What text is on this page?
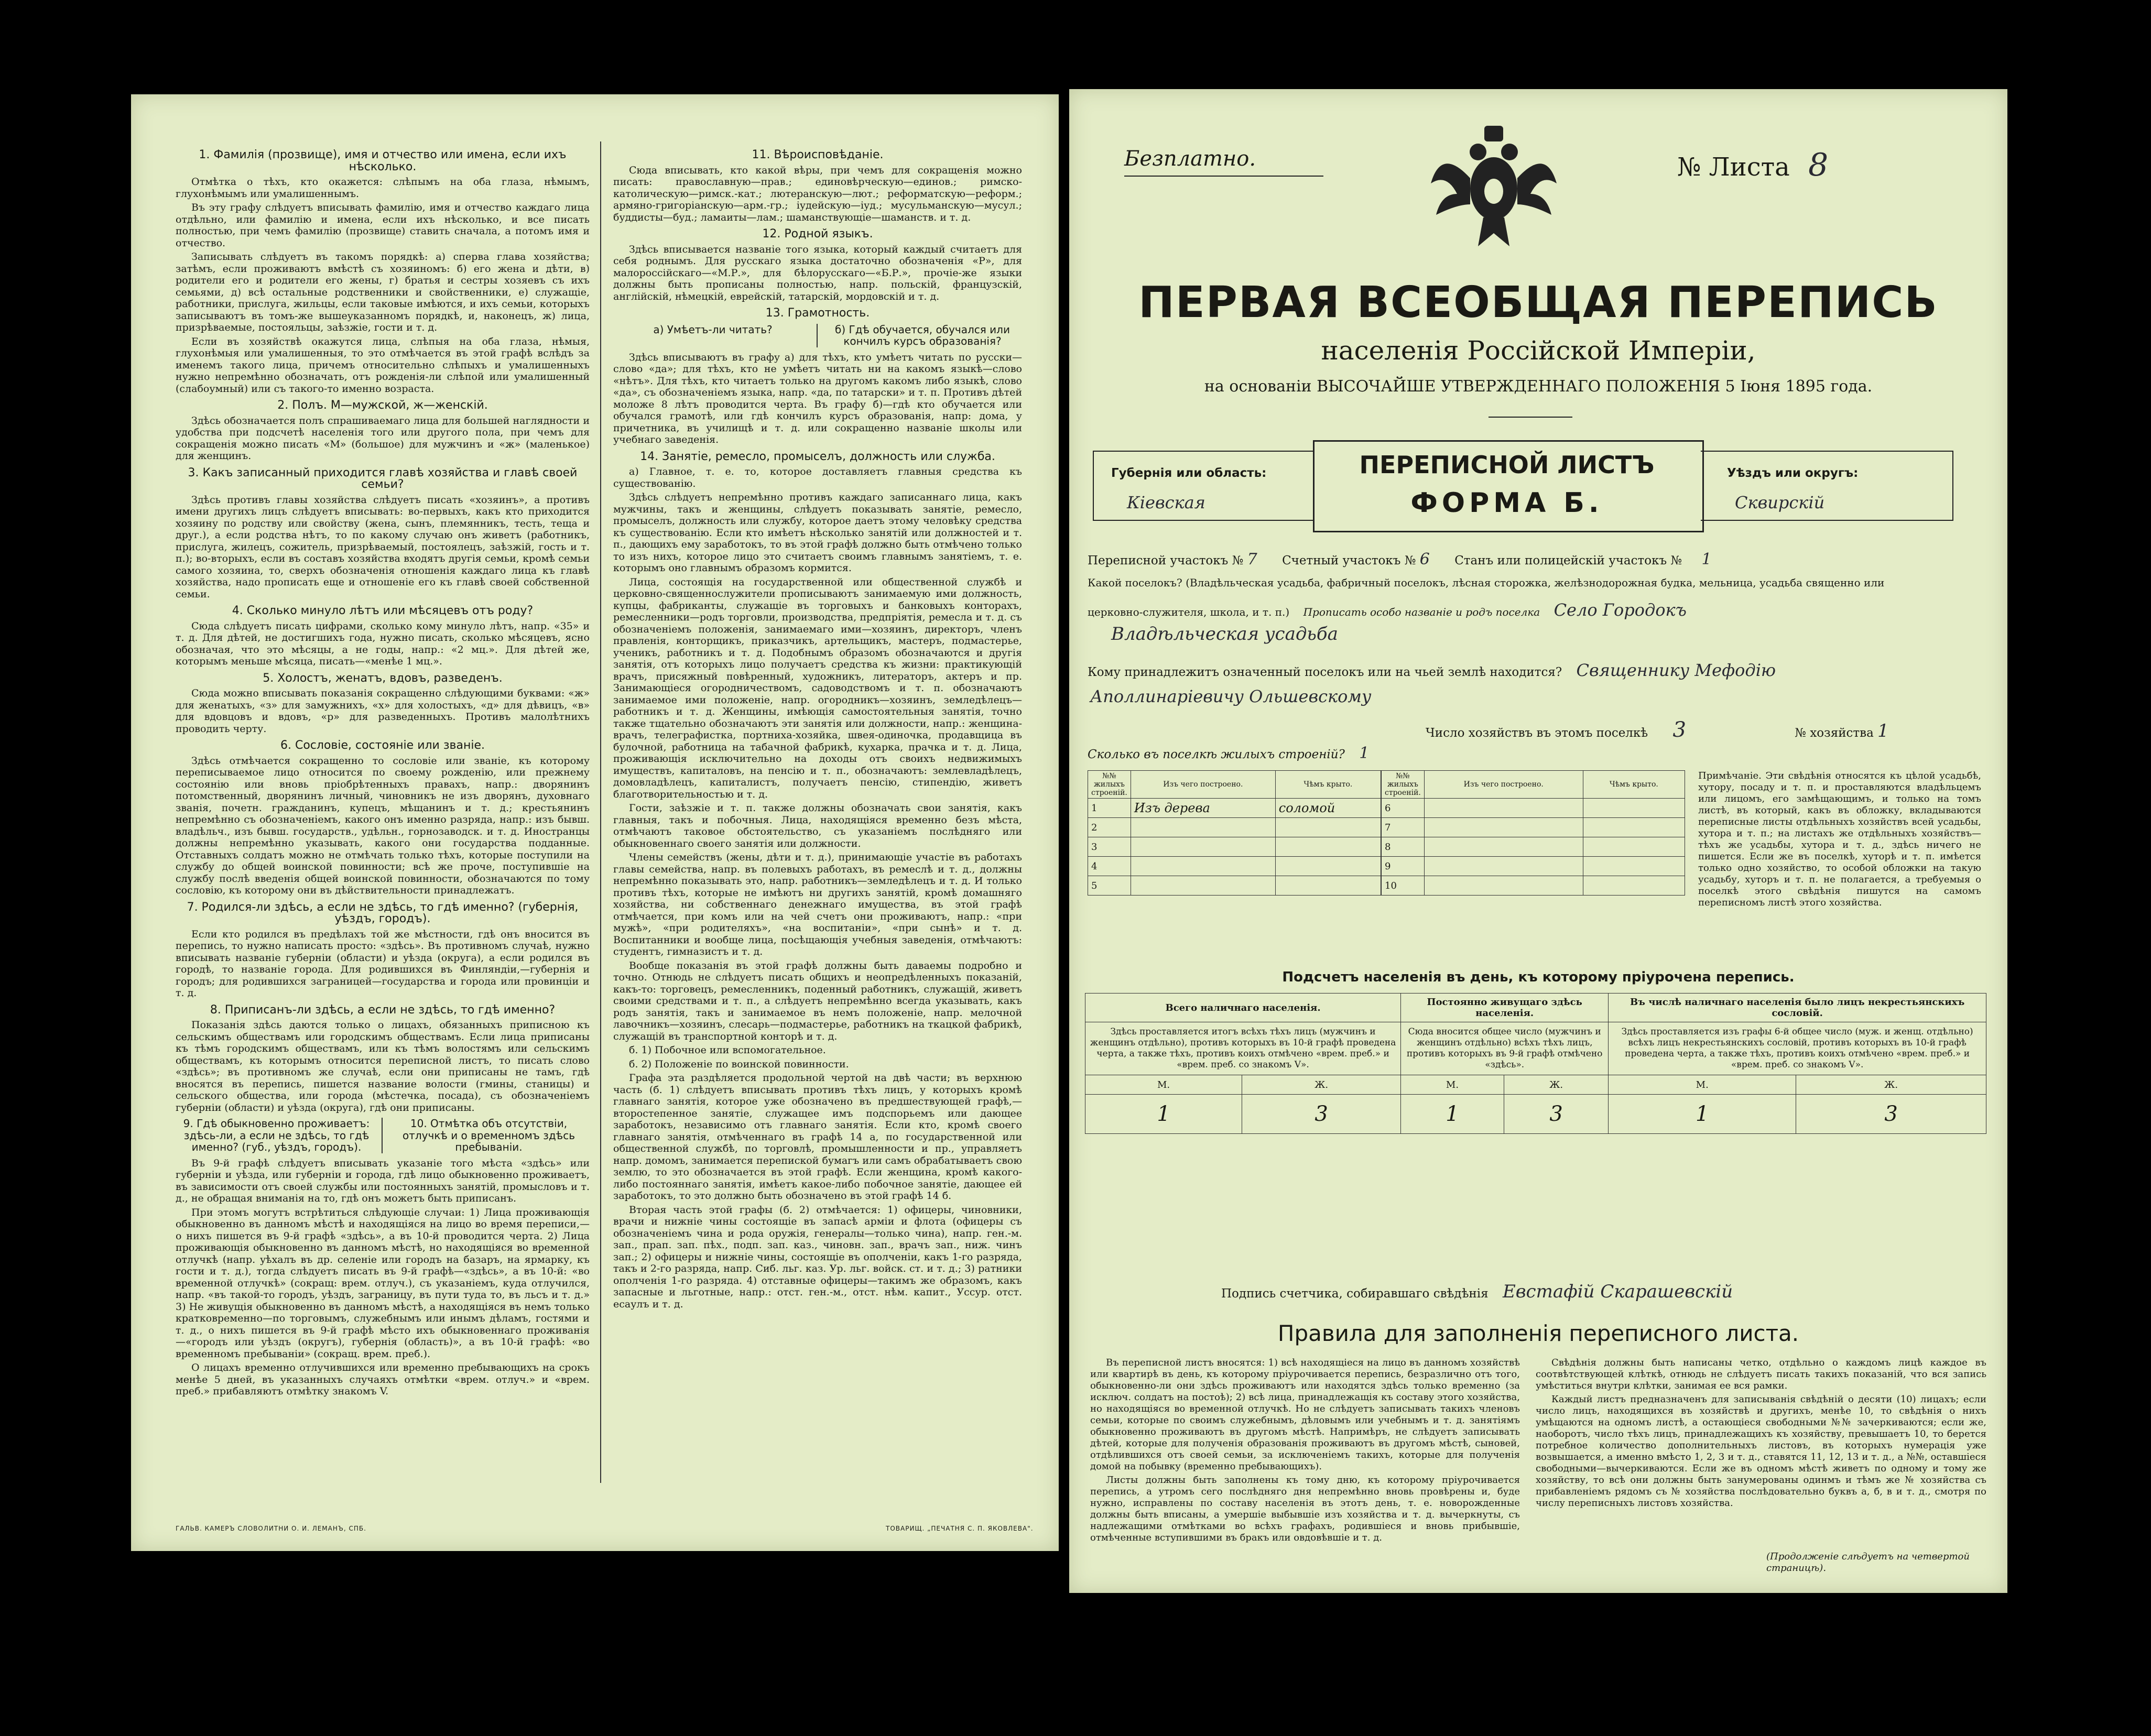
1. Фамилія (прозвище), имя и отчество или имена, если ихъ нѣсколько.

Отмѣтка о тѣхъ, кто окажется: слѣпымъ на оба глаза, нѣмымъ, глухонѣмымъ или умалишеннымъ.

Въ эту графу слѣдуетъ вписывать фамилію, имя и отчество каждаго лица отдѣльно, или фамилію и имена, если ихъ нѣсколько, и все писать полностью, при чемъ фамилію (прозвище) ставить сначала, а потомъ имя и отчество.

Записывать слѣдуетъ въ такомъ порядкѣ: а) сперва глава хозяйства; затѣмъ, если проживаютъ вмѣстѣ съ хозяиномъ: б) его жена и дѣти, в) родители его и родители его жены, г) братья и сестры хозяевъ съ ихъ семьями, д) всѣ остальные родственники и свойственники, е) служащіе, работники, прислуга, жильцы, если таковые имѣются, и ихъ семьи, которыхъ записываютъ въ томъ-же вышеуказанномъ порядкѣ, и, наконецъ, ж) лица, призрѣваемые, постояльцы, заѣзжіе, гости и т. д.

Если въ хозяйствѣ окажутся лица, слѣпыя на оба глаза, нѣмыя, глухонѣмыя или умалишенныя, то это отмѣчается въ этой графѣ вслѣдъ за именемъ такого лица, причемъ относительно слѣпыхъ и умалишенныхъ нужно непремѣнно обозначать, отъ рожденія-ли слѣпой или умалишенный (слабоумный) или съ такого-то именно возраста.

2. Полъ. М—мужской, ж—женскій.

Здѣсь обозначается полъ спрашиваемаго лица для большей наглядности и удобства при подсчетѣ населенія того или другого пола, при чемъ для сокращенія можно писать «М» (большое) для мужчинъ и «ж» (маленькое) для женщинъ.

3. Какъ записанный приходится главѣ хозяйства и главѣ своей семьи?

Здѣсь противъ главы хозяйства слѣдуетъ писать «хозяинъ», а противъ имени другихъ лицъ слѣдуетъ вписывать: во-первыхъ, какъ кто приходится хозяину по родству или свойству (жена, сынъ, племянникъ, тесть, теща и друг.), а если родства нѣтъ, то по какому случаю онъ живетъ (работникъ, прислуга, жилецъ, сожитель, призрѣваемый, постоялецъ, заѣзжій, гость и т. п.); во-вторыхъ, если въ составъ хозяйства входятъ другія семьи, кромѣ семьи самого хозяина, то, сверхъ обозначенія отношенія каждаго лица къ главѣ хозяйства, надо прописать еще и отношеніе его къ главѣ своей собственной семьи.

4. Сколько минуло лѣтъ или мѣсяцевъ отъ роду?

Сюда слѣдуетъ писать цифрами, сколько кому минуло лѣтъ, напр. «35» и т. д. Для дѣтей, не достигшихъ года, нужно писать, сколько мѣсяцевъ, ясно обозначая, что это мѣсяцы, а не годы, напр.: «2 мц.». Для дѣтей же, которымъ меньше мѣсяца, писать—«менѣе 1 мц.».

5. Холостъ, женатъ, вдовъ, разведенъ.

Сюда можно вписывать показанія сокращенно слѣдующими буквами: «ж» для женатыхъ, «з» для замужнихъ, «х» для холостыхъ, «д» для дѣвицъ, «в» для вдовцовъ и вдовъ, «р» для разведенныхъ. Противъ малолѣтнихъ проводить черту.

6. Сословіе, состояніе или званіе.

Здѣсь отмѣчается сокращенно то сословіе или званіе, къ которому переписываемое лицо относится по своему рожденію, или прежнему состоянію или вновь пріобрѣтенныхъ правахъ, напр.: дворянинъ потомственный, дворянинъ личный, чиновникъ не изъ дворянъ, духовнаго званія, почетн. гражданинъ, купецъ, мѣщанинъ и т. д.; крестьянинъ непремѣнно съ обозначеніемъ, какого онъ именно разряда, напр.: изъ бывш. владѣльч., изъ бывш. государств., удѣльн., горнозаводск. и т. д. Иностранцы должны непремѣнно указывать, какого они государства подданные. Отставныхъ солдатъ можно не отмѣчать только тѣхъ, которые поступили на службу до общей воинской повинности; всѣ же проче, поступившіе на службу послѣ введенія общей воинской повинности, обозначаются по тому сословію, къ которому они въ дѣйствительности принадлежатъ.

7. Родился-ли здѣсь, а если не здѣсь, то гдѣ именно? (губернія, уѣздъ, городъ).

Если кто родился въ предѣлахъ той же мѣстности, гдѣ онъ вносится въ перепись, то нужно написать просто: «здѣсь». Въ противномъ случаѣ, нужно вписывать названіе губерніи (области) и уѣзда (округа), а если родился въ городѣ, то названіе города. Для родившихся въ Финляндіи,—губернія и городъ; для родившихся заграницей—государства и города или провинціи и т. д.

8. Приписанъ-ли здѣсь, а если не здѣсь, то гдѣ именно?

Показанія здѣсь даются только о лицахъ, обязанныхъ приписною къ сельскимъ обществамъ или городскимъ обществамъ. Если лица приписаны къ тѣмъ городскимъ обществамъ, или къ тѣмъ волостямъ или сельскимъ обществамъ, къ которымъ относится переписной листъ, то писать слово «здѣсь»; въ противномъ же случаѣ, если они приписаны не тамъ, гдѣ вносятся въ перепись, пишется название волости (гмины, станицы) и сельского общества, или города (мѣстечка, посада), съ обозначеніемъ губерніи (области) и уѣзда (округа), гдѣ они приписаны.

9. Гдѣ обыкновенно проживаетъ: здѣсь-ли, а если не здѣсь, то гдѣ именно? (губ., уѣздъ, городъ).
10. Отмѣтка объ отсутствіи, отлучкѣ и о временномъ здѣсь пребываніи.

Въ 9-й графѣ слѣдуетъ вписывать указаніе того мѣста «здѣсь» или губерніи и уѣзда, или губерніи и города, гдѣ лицо обыкновенно проживаетъ, въ зависимости отъ своей службы или постоянныхъ занятій, промысловъ и т. д., не обращая вниманія на то, гдѣ онъ можетъ быть приписанъ.

При этомъ могутъ встрѣтиться слѣдующіе случаи: 1) Лица проживающія обыкновенно въ данномъ мѣстѣ и находящіяся на лицо во время переписи,—о нихъ пишется въ 9-й графѣ «здѣсь», а въ 10-й проводится черта. 2) Лица проживающія обыкновенно въ данномъ мѣстѣ, но находящіяся во временной отлучкѣ (напр. уѣхалъ въ др. селеніе или городъ на базаръ, на ярмарку, къ гости и т. д.), тогда слѣдуетъ писать въ 9-й графѣ—«здѣсь», а въ 10-й: «во временной отлучкѣ» (сокращ: врем. отлуч.), съ указаніемъ, куда отлучился, напр. «въ такой-то городъ, уѣздъ, заграницу, въ пути туда то, въ льсъ и т. д.» 3) Не живущія обыкновенно въ данномъ мѣстѣ, а находящіяся въ немъ только кратковременно—по торговымъ, служебнымъ или инымъ дѣламъ, гостями и т. д., о нихъ пишется въ 9-й графѣ мѣсто ихъ обыкновеннаго проживанія—«городъ или уѣздъ (округъ), губернія (область)», а въ 10-й графѣ: «во временномъ пребываніи» (сокращ. врем. преб.).

О лицахъ временно отлучившихся или временно пребывающихъ на срокъ менѣе 5 дней, въ указанныхъ случаяхъ отмѣтки «врем. отлуч.» и «врем. преб.» прибавляютъ отмѣтку знакомъ V.

11. Вѣроисповѣданіе.

Сюда вписывать, кто какой вѣры, при чемъ для сокращенія можно писать: православную—прав.; единовѣрческую—единов.; римско-католическую—римск.-кат.; лютеранскую—лют.; реформатскую—реформ.; армяно-григоріанскую—арм.-гр.; іудейскую—іуд.; мусульманскую—мусул.; буддисты—буд.; ламаиты—лам.; шаманствующіе—шаманств. и т. д.

12. Родной языкъ.

Здѣсь вписывается названіе того языка, который каждый считаетъ для себя роднымъ. Для русскаго языка достаточно обозначенія «Р», для малороссійскаго—«М.Р.», для бѣлорусскаго—«Б.Р.», прочіе-же языки должны быть прописаны полностью, напр. польскій, французскій, англійскій, нѣмецкій, еврейскій, татарскій, мордовскій и т. д.

13. Грамотность.
а) Умѣетъ-ли читать?	б) Гдѣ обучается, обучался или кончилъ курсъ образованія?

Здѣсь вписываютъ въ графу а) для тѣхъ, кто умѣетъ читать по русски—слово «да»; для тѣхъ, кто не умѣетъ читать ни на какомъ языкѣ—слово «нѣтъ». Для тѣхъ, кто читаетъ только на другомъ какомъ либо языкѣ, слово «да», съ обозначеніемъ языка, напр. «да, по татарски» и т. п. Противъ дѣтей моложе 8 лѣтъ проводится черта. Въ графу б)—гдѣ кто обучается или обучался грамотѣ, или гдѣ кончилъ курсъ образованія, напр: дома, у причетника, въ училищѣ и т. д. или сокращенно названіе школы или учебнаго заведенія.

14. Занятіе, ремесло, промыселъ, должность или служба.

а) Главное, т. е. то, которое доставляетъ главныя средства къ существованію.

Здѣсь слѣдуетъ непремѣнно противъ каждаго записаннаго лица, какъ мужчины, такъ и женщины, слѣдуетъ показывать занятіе, ремесло, промыселъ, должность или службу, которое даетъ этому человѣку средства къ существованію. Если кто имѣетъ нѣсколько занятій или должностей и т. п., дающихъ ему заработокъ, то въ этой графѣ должно быть отмѣчено только то изъ нихъ, которое лицо это считаетъ своимъ главнымъ занятіемъ, т. е. которымъ оно главнымъ образомъ кормится.

Лица, состоящія на государственной или общественной службѣ и церковно-священнослужители прописываютъ занимаемую ими должность, купцы, фабриканты, служащіе въ торговыхъ и банковыхъ конторахъ, ремесленники—родъ торговли, производства, предпріятія, ремесла и т. д. съ обозначеніемъ положенія, занимаемаго ими—хозяинъ, директоръ, членъ правленія, конторщикъ, приказчикъ, артельщикъ, мастеръ, подмастерье, ученикъ, работникъ и т. д. Подобнымъ образомъ обозначаются и другія занятія, отъ которыхъ лицо получаетъ средства къ жизни: практикующій врачъ, присяжный повѣренный, художникъ, литераторъ, актеръ и пр. Занимающіеся огородничествомъ, садоводствомъ и т. п. обозначаютъ занимаемое ими положеніе, напр. огородникъ—хозяинъ, земледѣлецъ—работникъ и т. д. Женщины, имѣющія самостоятельныя занятія, точно также тщательно обозначаютъ эти занятія или должности, напр.: женщина-врачъ, телеграфистка, портниха-хозяйка, швея-одиночка, продавщица въ булочной, работница на табачной фабрикѣ, кухарка, прачка и т. д. Лица, проживающія исключительно на доходы отъ своихъ недвижимыхъ имуществъ, капиталовъ, на пенсію и т. п., обозначаютъ: землевладѣлецъ, домовладѣлецъ, капиталистъ, получаетъ пенсію, стипендію, живетъ благотворительностью и т. д.

Гости, заѣзжіе и т. п. также должны обозначать свои занятія, какъ главныя, такъ и побочныя. Лица, находящіяся временно безъ мѣста, отмѣчаютъ таковое обстоятельство, съ указаніемъ послѣдняго или обыкновеннаго своего занятія или должности.

Члены семействъ (жены, дѣти и т. д.), принимающіе участіе въ работахъ главы семейства, напр. въ полевыхъ работахъ, въ ремеслѣ и т. д., должны непремѣнно показывать это, напр. работникъ—земледѣлецъ и т. д. И только противъ тѣхъ, которые не имѣютъ ни другихъ занятій, кромѣ домашняго хозяйства, ни собственнаго денежнаго имущества, въ этой графѣ отмѣчается, при комъ или на чей счетъ они проживаютъ, напр.: «при мужѣ», «при родителяхъ», «на воспитаніи», «при сынѣ» и т. д. Воспитанники и вообще лица, посѣщающія учебныя заведенія, отмѣчаютъ: студентъ, гимназистъ и т. д.

Вообще показанія въ этой графѣ должны быть даваемы подробно и точно. Отнюдь не слѣдуетъ писать общихъ и неопредѣленныхъ показаній, какъ-то: торговецъ, ремесленникъ, поденный работникъ, служащій, живетъ своими средствами и т. п., а слѣдуетъ непремѣнно всегда указывать, какъ родъ занятія, такъ и занимаемое въ немъ положеніе, напр. мелочной лавочникъ—хозяинъ, слесарь—подмастерье, работникъ на ткацкой фабрикѣ, служащій въ транспортной конторѣ и т. д.

б. 1) Побочное или вспомогательное.

б. 2) Положеніе по воинской повинности.

Графа эта раздѣляется продольной чертой на двѣ части; въ верхнюю часть (б. 1) слѣдуетъ вписывать противъ тѣхъ лицъ, у которыхъ кромѣ главнаго занятія, которое уже обозначено въ предшествующей графѣ,—второстепенное занятіе, служащее имъ подспорьемъ или дающее заработокъ, независимо отъ главнаго занятія. Если кто, кромѣ своего главнаго занятія, отмѣченнаго въ графѣ 14 а, по государственной или общественной службѣ, по торговлѣ, промышленности и пр., управляетъ напр. домомъ, занимается перепиской бумагъ или самъ обрабатываетъ свою землю, то это обозначается въ этой графѣ. Если женщина, кромѣ какого-либо постояннаго занятія, имѣетъ какое-либо побочное занятіе, дающее ей заработокъ, то это должно быть обозначено въ этой графѣ 14 б.

Вторая часть этой графы (б. 2) отмѣчается: 1) офицеры, чиновники, врачи и нижніе чины состоящіе въ запасѣ армiи и флота (офицеры съ обозначеніемъ чина и рода оружія, генералы—только чина), напр. ген.-м. зап., прап. зап. пѣх., подп. зап. каз., чиновн. зап., врачъ зап., ниж. чинъ зап.; 2) офицеры и нижніе чины, состоящіе въ ополченіи, какъ 1-го разряда, такъ и 2-го разряда, напр. Сиб. льг. каз. Ур. льг. войск. ст. и т. д.; 3) ратники ополченія 1-го разряда. 4) отставные офицеры—такимъ же образомъ, какъ запасные и льготные, напр.: отст. ген.-м., отст. нѣм. капит., Уссур. отст. есаулъ и т. д.

ГАЛЬВ. КАМЕРЪ СЛОВОЛИТНИ О. И. ЛЕМАНЪ, СПБ.	ТОВАРИЩ. „ПЕЧАТНЯ С. П. ЯКОВЛЕВА".
Безплатно.	№ Листа 8
ПЕРВАЯ ВСЕОБЩАЯ ПЕРЕПИСЬ
населенія Россійской Имперіи,
на основаніи ВЫСОЧАЙШЕ УТВЕРЖДЕННАГО ПОЛОЖЕНІЯ 5 Іюня 1895 года.
Губернія или область:
Кіевская
ПЕРЕПИСНОЙ ЛИСТЪ
ФОРМА Б.
Уѣздъ или округъ:
Сквирскій
Переписной участокъ № 7 Счетный участокъ № 6 Станъ или полицейскій участокъ № 1
Какой поселокъ? (Владѣльческая усадьба, фабричный поселокъ, лѣсная сторожка, желѣзнодорожная будка, мельница, усадьба священно или
церковно-служителя, школа, и т. п.) Прописать особо названіе и родъ поселка Село Городокъ
Владѣльческая усадьба
Кому принадлежитъ означенный поселокъ или на чьей землѣ находится? Священнику Мефодію
Аполлинаріевичу Ольшевскому
Число хозяйствъ въ этомъ поселкѣ 3	№ хозяйства 1
Сколько въ поселкѣ жилыхъ строеній? 1
№№ жилыхъ строеній.	Изъ чего построено.	Чѣмъ крыто.
1	Изъ дерева	соломой
2		
3		
4		
5		
№№ жилыхъ строеній.	Изъ чего построено.	Чѣмъ крыто.
6		
7		
8		
9		
10		
Примѣчаніе. Эти свѣдѣнія относятся къ цѣлой усадьбѣ, хутору, посаду и т. п. и проставляются владѣльцемъ или лицомъ, его замѣщающимъ, и только на томъ листѣ, въ который, какъ въ обложку, вкладываются переписные листы отдѣльныхъ хозяйствъ всей усадьбы, хутора и т. п.; на листахъ же отдѣльныхъ хозяйствъ—тѣхъ же усадьбы, хутора и т. д., здѣсь ничего не пишется. Если же въ поселкѣ, хуторѣ и т. п. имѣется только одно хозяйство, то особой обложки на такую усадьбу, хуторъ и т. п. не полагается, а требуемыя о поселкѣ этого свѣдѣнія пишутся на самомъ переписномъ листѣ этого хозяйства.
Подсчетъ населенія въ день, къ которому пріурочена перепись.
Всего наличнаго населенія.		Постоянно живущаго здѣсь населенія.		Въ числѣ наличнаго населенія было лицъ некрестьянскихъ сословій.	
Здѣсь проставляется итогъ всѣхъ тѣхъ лицъ (мужчинъ и женщинъ отдѣльно), противъ которыхъ въ 10-й графѣ проведена черта, а также тѣхъ, противъ коихъ отмѣчено «врем. преб.» и «врем. преб. со знакомъ V».		Сюда вносится общее число (мужчинъ и женщинъ отдѣльно) всѣхъ тѣхъ лицъ, противъ которыхъ въ 9-й графѣ отмѣчено «здѣсь».		Здѣсь проставляется изъ графы 6-й общее число (муж. и женщ. отдѣльно) всѣхъ лицъ некрестьянскихъ сословій, противъ которыхъ въ 10-й графѣ проведена черта, а также тѣхъ, противъ коихъ отмѣчено «врем. преб.» и «врем. преб. со знакомъ V».	
М.	Ж.	М.	Ж.	М.	Ж.
1	3	1	3	1	3
Подпись счетчика, собиравшаго свѣдѣнія Евстафій Скарашевскій
Правила для заполненія переписного листа.

Въ переписной листъ вносятся: 1) всѣ находящiеся на лицо въ данномъ хозяйствѣ или квартирѣ въ день, къ которому пріурочивается перепись, безразлично отъ того, обыкновенно-ли они здѣсь проживаютъ или находятся здѣсь только временно (за исключ. солдатъ на постоѣ); 2) всѣ лица, принадлежащія къ составу этого хозяйства, но находящіяся во временной отлучкѣ. Но не слѣдуетъ записывать такихъ членовъ семьи, которые по своимъ служебнымъ, дѣловымъ или учебнымъ и т. д. занятіямъ обыкновенно проживаютъ въ другомъ мѣстѣ. Напримѣръ, не слѣдуетъ записывать дѣтей, которые для полученія образованія проживаютъ въ другомъ мѣстѣ, сыновей, отдѣлившихся отъ своей семьи, за исключеніемъ такихъ, которые для полученія домой на побывку (временно пребывающихъ).

Листы должны быть заполнены къ тому дню, къ которому пріурочивается перепись, а утромъ сего послѣдняго дня непремѣнно вновь провѣрены и, буде нужно, исправлены по составу населенія въ этотъ день, т. е. новорожденные должны быть вписаны, а умершіе выбывшіе изъ хозяйства и т. д. вычеркнуты, съ надлежащими отмѣтками во всѣхъ графахъ, родившіеся и вновь прибывшіе, отмѣченные вступившими въ бракъ или овдовѣвшіе и т. д.

Свѣдѣнія должны быть написаны четко, отдѣльно о каждомъ лицѣ каждое въ соотвѣтствующей клѣткѣ, отнюдь не слѣдуетъ писать такихъ показаній, что вся запись умѣститься внутри клѣтки, занимая ее вся рамки.

Каждый листъ предназначенъ для записыванія свѣдѣній о десяти (10) лицахъ; если число лицъ, находящихся въ хозяйствѣ и другихъ, менѣе 10, то свѣдѣнія о нихъ умѣщаются на одномъ листѣ, а остающіеся свободными №№ зачеркиваются; если же, наоборотъ, число тѣхъ лицъ, принадлежащихъ къ хозяйству, превышаетъ 10, то берется потребное количество дополнительныхъ листовъ, въ которыхъ нумерація уже возвышается, а именно вмѣсто 1, 2, 3 и т. д., ставятся 11, 12, 13 и т. д., а №№, оставшіеся свободными—вычеркиваются. Если же въ одномъ мѣстѣ живетъ по одному и тому же хозяйству, то всѣ они должны быть занумерованы одинмъ и тѣмъ же № хозяйства съ прибавленіемъ рядомъ съ № хозяйства послѣдовательно буквъ а, б, в и т. д., смотря по числу переписныхъ листовъ хозяйства.

(Продолженіе слѣдуетъ на четвертой страницѣ).
